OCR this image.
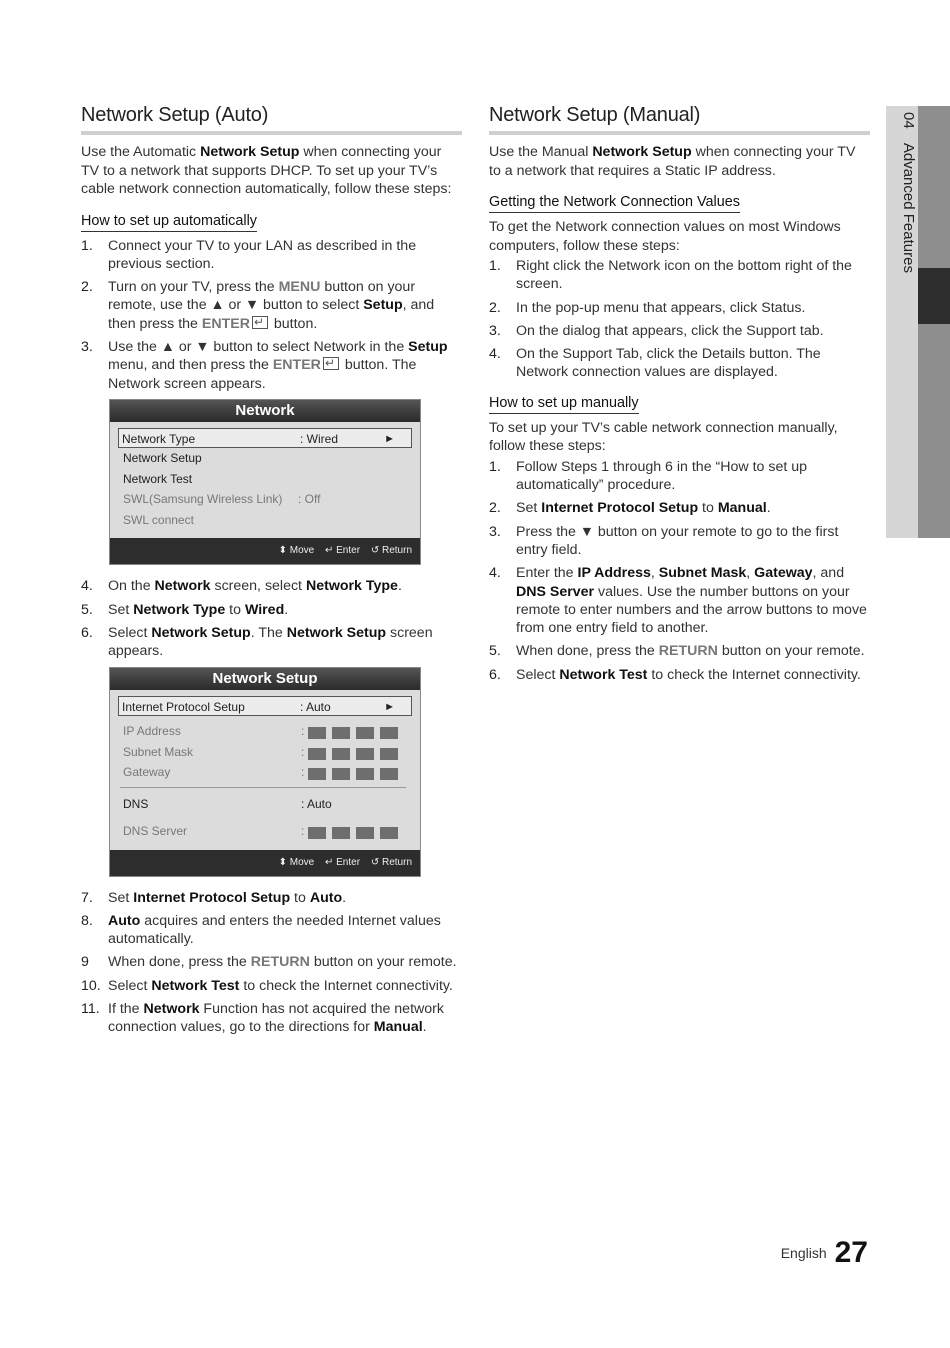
04 Advanced Features
Network Setup (Auto)

Use the Automatic Network Setup when connecting your TV to a network that supports DHCP. To set up your TV’s cable network connection automatically, follow these steps:

How to set up automatically
1. Connect your TV to your LAN as described in the previous section.
2. Turn on your TV, press the MENU button on your remote, use the ▲ or ▼ button to select Setup, and then press the ENTER↵ button.
3. Use the ▲ or ▼ button to select Network in the Setup menu, and then press the ENTER↵ button. The Network screen appears.
Network
Network Type	: Wired	►
Network Setup
Network Test
SWL(Samsung Wireless Link) : Off
SWL connect
⬍ Move ↵ Enter ↺ Return
4. On the Network screen, select Network Type.
5. Set Network Type to Wired.
6. Select Network Setup. The Network Setup screen appears.
Network Setup
Internet Protocol Setup	: Auto	►
IP Address	:
Subnet Mask	:
Gateway	:
DNS	: Auto
DNS Server	:
⬍ Move ↵ Enter ↺ Return
7. Set Internet Protocol Setup to Auto.
8. Auto acquires and enters the needed Internet values automatically.
9 When done, press the RETURN button on your remote.
10. Select Network Test to check the Internet connectivity.
11. If the Network Function has not acquired the network connection values, go to the directions for Manual.
Network Setup (Manual)

Use the Manual Network Setup when connecting your TV to a network that requires a Static IP address.

Getting the Network Connection Values

To get the Network connection values on most Windows computers, follow these steps:

1. Right click the Network icon on the bottom right of the screen.
2. In the pop-up menu that appears, click Status.
3. On the dialog that appears, click the Support tab.
4. On the Support Tab, click the Details button. The Network connection values are displayed.
How to set up manually

To set up your TV’s cable network connection manually, follow these steps:

1. Follow Steps 1 through 6 in the “How to set up automatically” procedure.
2. Set Internet Protocol Setup to Manual.
3. Press the ▼ button on your remote to go to the first entry field.
4. Enter the IP Address, Subnet Mask, Gateway, and DNS Server values. Use the number buttons on your remote to enter numbers and the arrow buttons to move from one entry field to another.
5. When done, press the RETURN button on your remote.
6. Select Network Test to check the Internet connectivity.
English 27
